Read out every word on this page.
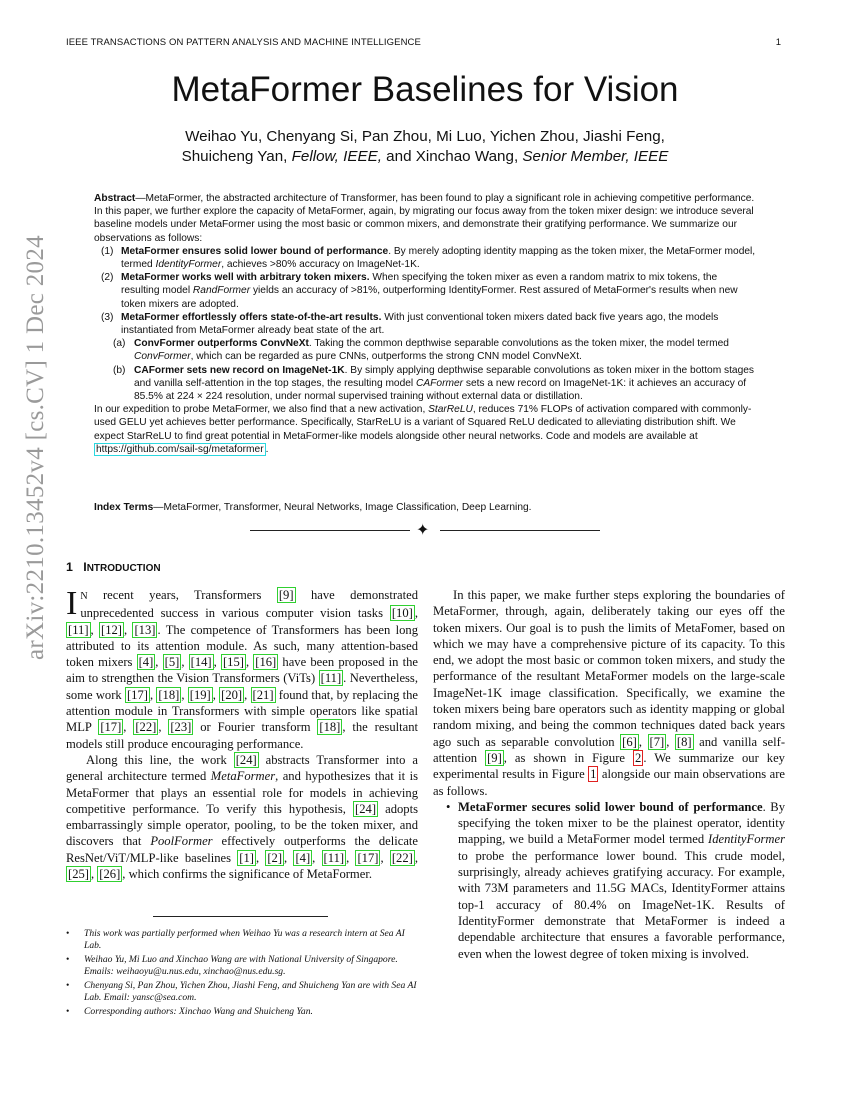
IEEE TRANSACTIONS ON PATTERN ANALYSIS AND MACHINE INTELLIGENCE	1
arXiv:2210.13452v4 [cs.CV] 1 Dec 2024
MetaFormer Baselines for Vision
Weihao Yu, Chenyang Si, Pan Zhou, Mi Luo, Yichen Zhou, Jiashi Feng,
Shuicheng Yan, Fellow, IEEE, and Xinchao Wang, Senior Member, IEEE

Abstract—MetaFormer, the abstracted architecture of Transformer, has been found to play a significant role in achieving competitive performance. In this paper, we further explore the capacity of MetaFormer, again, by migrating our focus away from the token mixer design: we introduce several baseline models under MetaFormer using the most basic or common mixers, and demonstrate their gratifying performance. We summarize our observations as follows:

(1) MetaFormer ensures solid lower bound of performance. By merely adopting identity mapping as the token mixer, the MetaFormer model, termed IdentityFormer, achieves >80% accuracy on ImageNet-1K.

(2) MetaFormer works well with arbitrary token mixers. When specifying the token mixer as even a random matrix to mix tokens, the resulting model RandFormer yields an accuracy of >81%, outperforming IdentityFormer. Rest assured of MetaFormer's results when new token mixers are adopted.

(3) MetaFormer effortlessly offers state-of-the-art results. With just conventional token mixers dated back five years ago, the models instantiated from MetaFormer already beat state of the art.

(a) ConvFormer outperforms ConvNeXt. Taking the common depthwise separable convolutions as the token mixer, the model termed ConvFormer, which can be regarded as pure CNNs, outperforms the strong CNN model ConvNeXt.

(b) CAFormer sets new record on ImageNet-1K. By simply applying depthwise separable convolutions as token mixer in the bottom stages and vanilla self-attention in the top stages, the resulting model CAFormer sets a new record on ImageNet-1K: it achieves an accuracy of 85.5% at 224 × 224 resolution, under normal supervised training without external data or distillation.

In our expedition to probe MetaFormer, we also find that a new activation, StarReLU, reduces 71% FLOPs of activation compared with commonly-used GELU yet achieves better performance. Specifically, StarReLU is a variant of Squared ReLU dedicated to alleviating distribution shift. We expect StarReLU to find great potential in MetaFormer-like models alongside other neural networks. Code and models are available at https://github.com/sail-sg/metaformer .

Index Terms—MetaFormer, Transformer, Neural Networks, Image Classification, Deep Learning.
✦
1 INTRODUCTION

I N recent years, Transformers [9] have demonstrated unprecedented success in various computer vision tasks [10] , [11] , [12] , [13] . The competence of Transformers has been long attributed to its attention module. As such, many attention-based token mixers [4] , [5] , [14] , [15] , [16] have been proposed in the aim to strengthen the Vision Transformers (ViTs) [11] . Nevertheless, some work [17] , [18] , [19] , [20] , [21] found that, by replacing the attention module in Transformers with simple operators like spatial MLP [17] , [22] , [23] or Fourier transform [18] , the resultant models still produce encouraging performance.

Along this line, the work [24] abstracts Transformer into a general architecture termed MetaFormer, and hypothesizes that it is MetaFormer that plays an essential role for models in achieving competitive performance. To verify this hypothesis, [24] adopts embarrassingly simple operator, pooling, to be the token mixer, and discovers that PoolFormer effectively outperforms the delicate ResNet/ViT/MLP-like baselines [1] , [2] , [4] , [11] , [17] , [22] , [25] , [26] , which confirms the significance of MetaFormer.

• This work was partially performed when Weihao Yu was a research intern at Sea AI Lab.
• Weihao Yu, Mi Luo and Xinchao Wang are with National University of Singapore.
Emails: weihaoyu@u.nus.edu, xinchao@nus.edu.sg.
• Chenyang Si, Pan Zhou, Yichen Zhou, Jiashi Feng, and Shuicheng Yan are with Sea AI Lab. Email: yansc@sea.com.
• Corresponding authors: Xinchao Wang and Shuicheng Yan.

In this paper, we make further steps exploring the boundaries of MetaFormer, through, again, deliberately taking our eyes off the token mixers. Our goal is to push the limits of MetaFomer, based on which we may have a comprehensive picture of its capacity. To this end, we adopt the most basic or common token mixers, and study the performance of the resultant MetaFormer models on the large-scale ImageNet-1K image classification. Specifically, we examine the token mixers being bare operators such as identity mapping or global random mixing, and being the common techniques dated back years ago such as separable convolution [6] , [7] , [8] and vanilla self-attention [9] , as shown in Figure 2 . We summarize our key experimental results in Figure 1 alongside our main observations are as follows.

• MetaFormer secures solid lower bound of performance. By specifying the token mixer to be the plainest operator, identity mapping, we build a MetaFormer model termed IdentityFormer to probe the performance lower bound. This crude model, surprisingly, already achieves gratifying accuracy. For example, with 73M parameters and 11.5G MACs, IdentityFormer attains top-1 accuracy of 80.4% on ImageNet-1K. Results of IdentityFormer demonstrate that MetaFormer is indeed a dependable architecture that ensures a favorable performance, even when the lowest degree of token mixing is involved.
